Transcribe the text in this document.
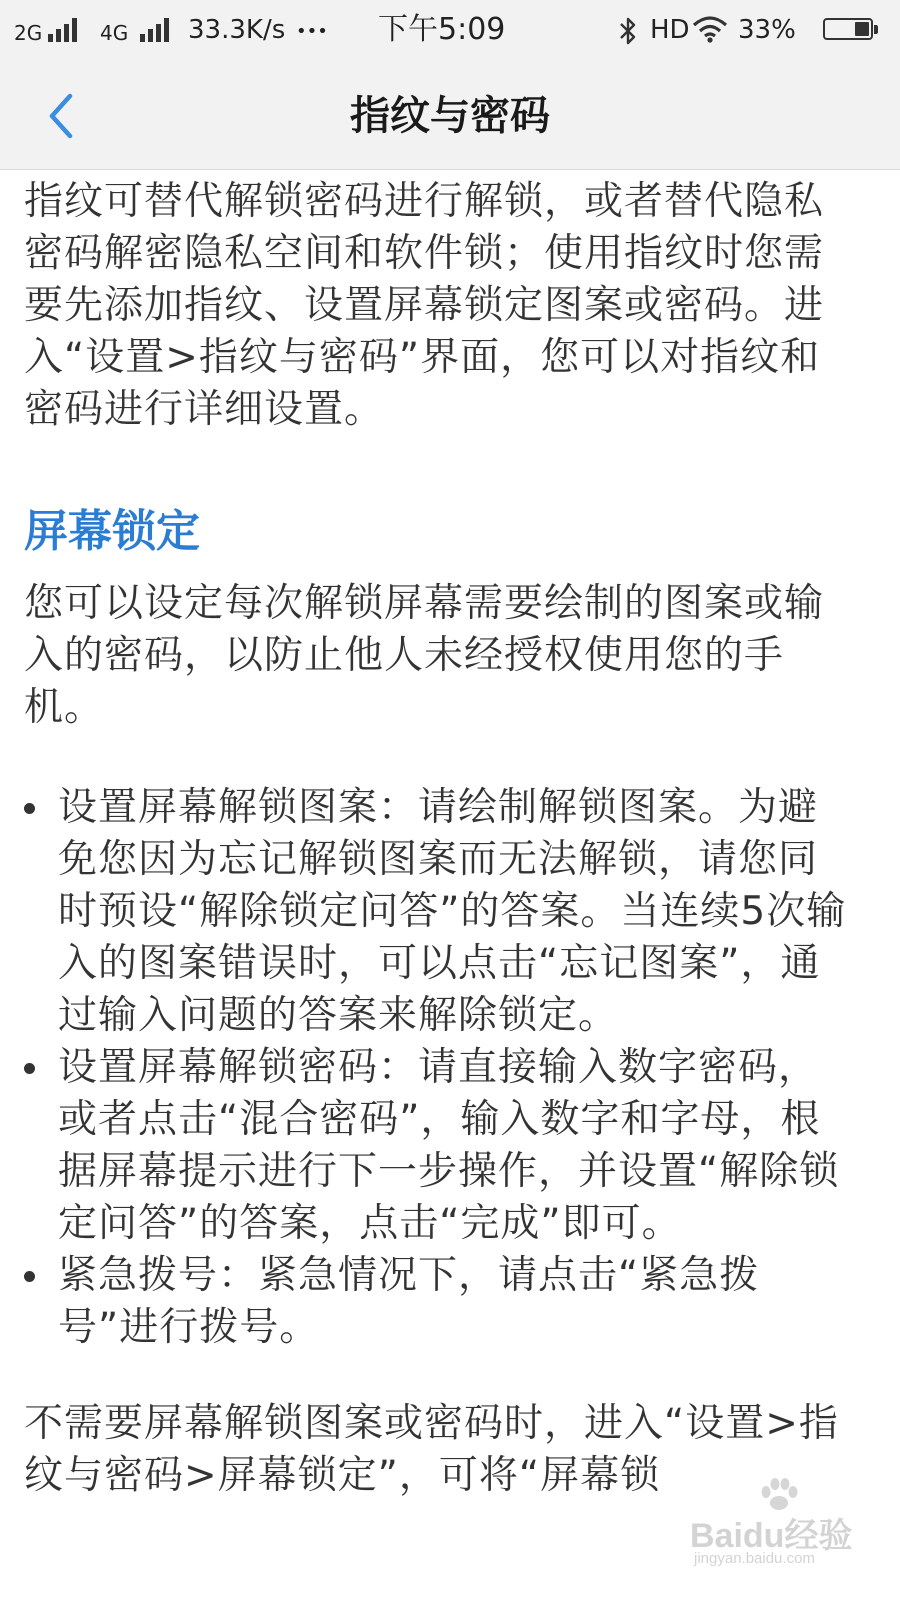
2G	4G 33.3K/s ••• 下午5:09	HD 33%
指纹与密码

指纹可替代解锁密码进行解锁，或者替代隐私密码解密隐私空间和软件锁；使用指纹时您需要先添加指纹、设置屏幕锁定图案或密码。进入“设置>指纹与密码”界面，您可以对指纹和密码进行详细设置。

屏幕锁定

您可以设定每次解锁屏幕需要绘制的图案或输入的密码，以防止他人未经授权使用您的手机。

设置屏幕解锁图案：请绘制解锁图案。为避免您因为忘记解锁图案而无法解锁，请您同时预设“解除锁定问答”的答案。当连续5次输入的图案错误时，可以点击“忘记图案”，通过输入问题的答案来解除锁定。
设置屏幕解锁密码：请直接输入数字密码，或者点击“混合密码”，输入数字和字母，根据屏幕提示进行下一步操作，并设置“解除锁定问答”的答案，点击“完成”即可。
紧急拨号：紧急情况下，请点击“紧急拨号”进行拨号。

不需要屏幕解锁图案或密码时，进入“设置>指纹与密码>屏幕锁定”，可将“屏幕锁

Baidu经验
jingyan.baidu.com
